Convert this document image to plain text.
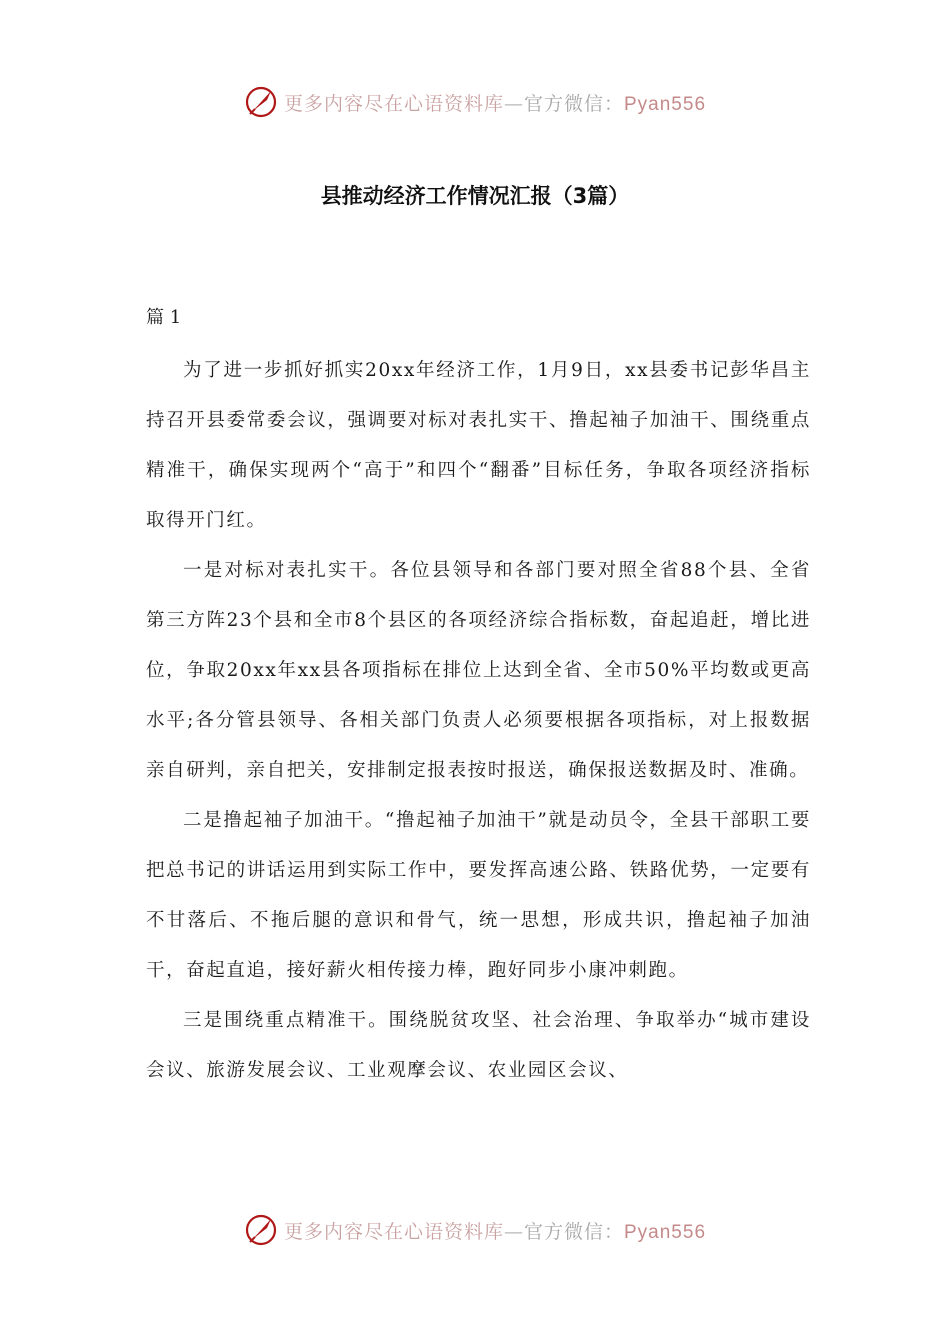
更多内容尽在心语资料库—官方微信：Pyan556
县推动经济工作情况汇报（3篇）
篇 1

为了进一步抓好抓实20xx年经济工作，1月9日，xx县委书记彭华昌主持召开县委常委会议，强调要对标对表扎实干、撸起袖子加油干、围绕重点精准干，确保实现两个“高于”和四个“翻番”目标任务，争取各项经济指标取得开门红。

一是对标对表扎实干。各位县领导和各部门要对照全省88个县、全省第三方阵23个县和全市8个县区的各项经济综合指标数，奋起追赶，增比进位，争取20xx年xx县各项指标在排位上达到全省、全市50%平均数或更高水平;各分管县领导、各相关部门负责人必须要根据各项指标，对上报数据亲自研判，亲自把关，安排制定报表按时报送，确保报送数据及时、准确。

二是撸起袖子加油干。“撸起袖子加油干”就是动员令，全县干部职工要把总书记的讲话运用到实际工作中，要发挥高速公路、铁路优势，一定要有不甘落后、不拖后腿的意识和骨气，统一思想，形成共识，撸起袖子加油干，奋起直追，接好薪火相传接力棒，跑好同步小康冲刺跑。

三是围绕重点精准干。围绕脱贫攻坚、社会治理、争取举办“城市建设会议、旅游发展会议、工业观摩会议、农业园区会议、

更多内容尽在心语资料库—官方微信：Pyan556
